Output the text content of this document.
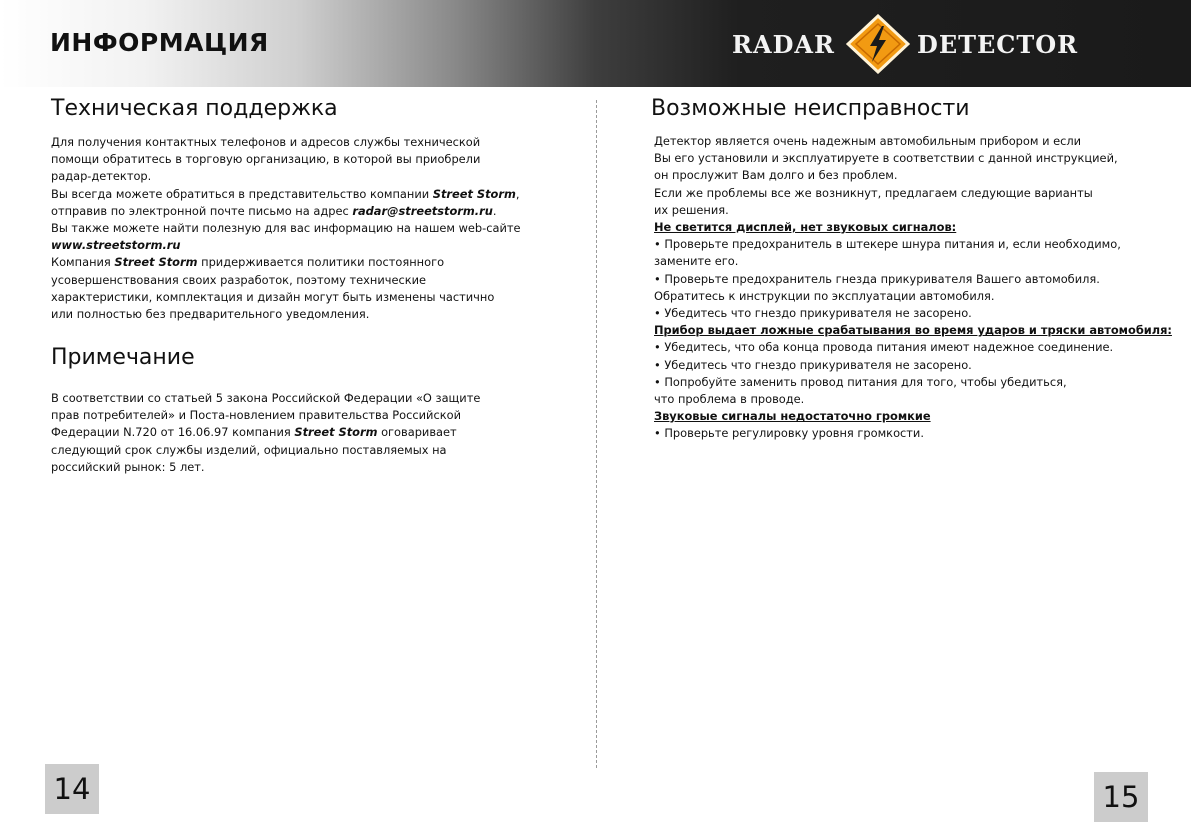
ИНФОРМАЦИЯ	RADAR	DETECTOR
Техническая поддержка
Для получения контактных телефонов и адресов службы технической
помощи обратитесь в торговую организацию, в которой вы приобрели
радар-детектор.
Вы всегда можете обратиться в представительство компании Street Storm,
отправив по электронной почте письмо на адрес radar@streetstorm.ru.
Вы также можете найти полезную для вас информацию на нашем web-сайте
www.streetstorm.ru
Компания Street Storm придерживается политики постоянного
усовершенствования своих разработок, поэтому технические
характеристики, комплектация и дизайн могут быть изменены частично
или полностью без предварительного уведомления.
Примечание
В соответствии со статьей 5 закона Российской Федерации «О защите
прав потребителей» и Поста-новлением правительства Российской
Федерации N.720 от 16.06.97 компания Street Storm оговаривает
следующий срок службы изделий, официально поставляемых на
российский рынок: 5 лет.
Возможные неисправности
Детектор является очень надежным автомобильным прибором и если
Вы его установили и эксплуатируете в соответствии с данной инструкцией,
он прослужит Вам долго и без проблем.
Если же проблемы все же возникнут, предлагаем следующие варианты
их решения.
Не светится дисплей, нет звуковых сигналов:
• Проверьте предохранитель в штекере шнура питания и, если необходимо,
замените его.
• Проверьте предохранитель гнезда прикуривателя Вашего автомобиля.
Обратитесь к инструкции по эксплуатации автомобиля.
• Убедитесь что гнездо прикуривателя не засорено.
Прибор выдает ложные срабатывания во время ударов и тряски автомобиля:
• Убедитесь, что оба конца провода питания имеют надежное соединение.
• Убедитесь что гнездо прикуривателя не засорено.
• Попробуйте заменить провод питания для того, чтобы убедиться,
что проблема в проводе.
Звуковые сигналы недостаточно громкие
• Проверьте регулировку уровня громкости.
14	15
